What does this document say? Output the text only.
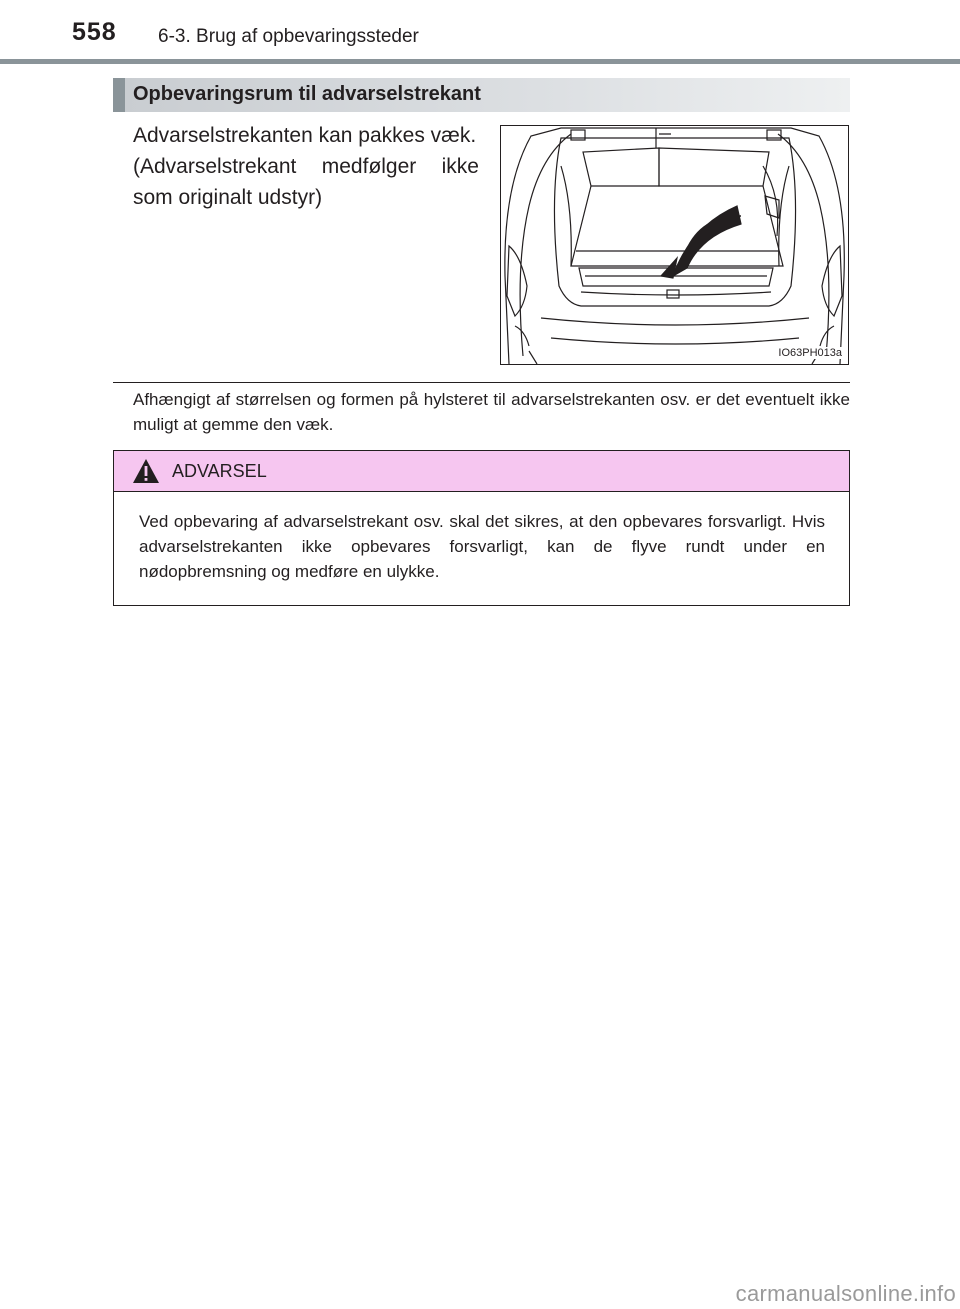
558 6-3. Brug af opbevaringssteder
Opbevaringsrum til advarselstrekant
Advarselstrekanten kan pakkes væk.
(Advarselstrekant medfølger ikke som originalt udstyr)
IO63PH013a

Afhængigt af størrelsen og formen på hylsteret til advarselstrekanten osv. er det eventuelt ikke muligt at gemme den væk.

ADVARSEL

Ved opbevaring af advarselstrekant osv. skal det sikres, at den opbevares forsvarligt. Hvis advarselstrekanten ikke opbevares forsvarligt, kan de flyve rundt under en nødopbremsning og medføre en ulykke.

carmanualsonline.info
